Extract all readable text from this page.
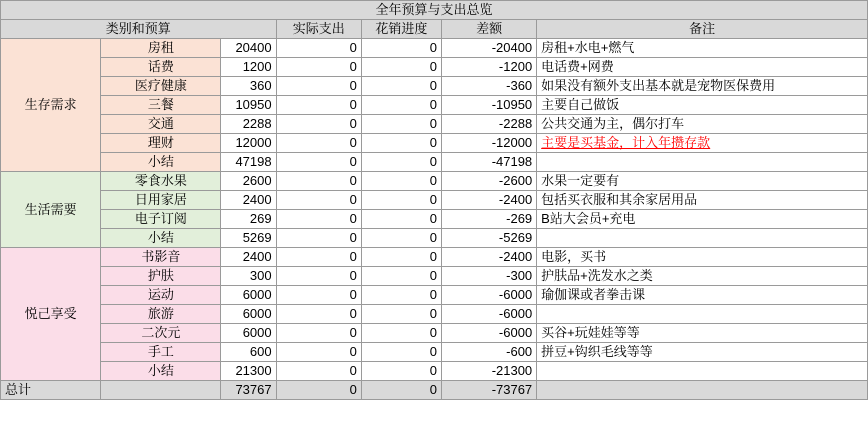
全年预算与支出总览						
类别和预算			实际支出	花销进度	差额	备注
生存需求	房租	20400	0	0	-20400	房租+水电+燃气
	话费	1200	0	0	-1200	电话费+网费
	医疗健康	360	0	0	-360	如果没有额外支出基本就是宠物医保费用
	三餐	10950	0	0	-10950	主要自己做饭
	交通	2288	0	0	-2288	公共交通为主，偶尔打车
	理财	12000	0	0	-12000	主要是买基金，计入年攒存款
	小结	47198	0	0	-47198	
生活需要	零食水果	2600	0	0	-2600	水果一定要有
	日用家居	2400	0	0	-2400	包括买衣服和其余家居用品
	电子订阅	269	0	0	-269	B站大会员+充电
	小结	5269	0	0	-5269	
悦己享受	书影音	2400	0	0	-2400	电影，买书
	护肤	300	0	0	-300	护肤品+洗发水之类
	运动	6000	0	0	-6000	瑜伽课或者拳击课
	旅游	6000	0	0	-6000	
	二次元	6000	0	0	-6000	买谷+玩娃娃等等
	手工	600	0	0	-600	拼豆+钩织毛线等等
	小结	21300	0	0	-21300	
总计		73767	0	0	-73767	
